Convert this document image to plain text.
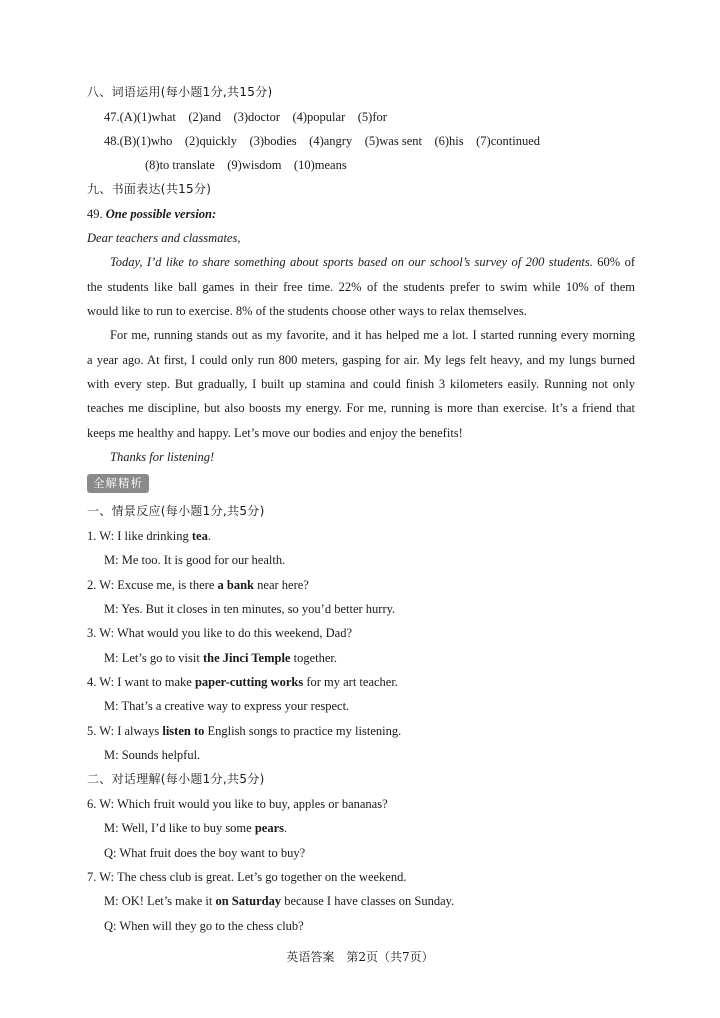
八、词语运用(每小题1分,共15分)
47.(A)(1)what　(2)and　(3)doctor　(4)popular　(5)for
48.(B)(1)who　(2)quickly　(3)bodies　(4)angry　(5)was sent　(6)his　(7)continued
(8)to translate　(9)wisdom　(10)means
九、书面表达(共15分)
49. One possible version:
Dear teachers and classmates,
Today, I’d like to share something about sports based on our school’s survey of 200 students. 60% of
the students like ball games in their free time. 22% of the students prefer to swim while 10% of them
would like to run to exercise. 8% of the students choose other ways to relax themselves.
For me, running stands out as my favorite, and it has helped me a lot. I started running every morning
a year ago. At first, I could only run 800 meters, gasping for air. My legs felt heavy, and my lungs burned
with every step. But gradually, I built up stamina and could finish 3 kilometers easily. Running not only
teaches me discipline, but also boosts my energy. For me, running is more than exercise. It’s a friend that
keeps me healthy and happy. Let’s move our bodies and enjoy the benefits!
Thanks for listening!
全解精析
一、情景反应(每小题1分,共5分)
1. W: I like drinking tea.
M: Me too. It is good for our health.
2. W: Excuse me, is there a bank near here?
M: Yes. But it closes in ten minutes, so you’d better hurry.
3. W: What would you like to do this weekend, Dad?
M: Let’s go to visit the Jinci Temple together.
4. W: I want to make paper-cutting works for my art teacher.
M: That’s a creative way to express your respect.
5. W: I always listen to English songs to practice my listening.
M: Sounds helpful.
二、对话理解(每小题1分,共5分)
6. W: Which fruit would you like to buy, apples or bananas?
M: Well, I’d like to buy some pears.
Q: What fruit does the boy want to buy?
7. W: The chess club is great. Let’s go together on the weekend.
M: OK! Let’s make it on Saturday because I have classes on Sunday.
Q: When will they go to the chess club?
英语答案　第2页（共7页）
